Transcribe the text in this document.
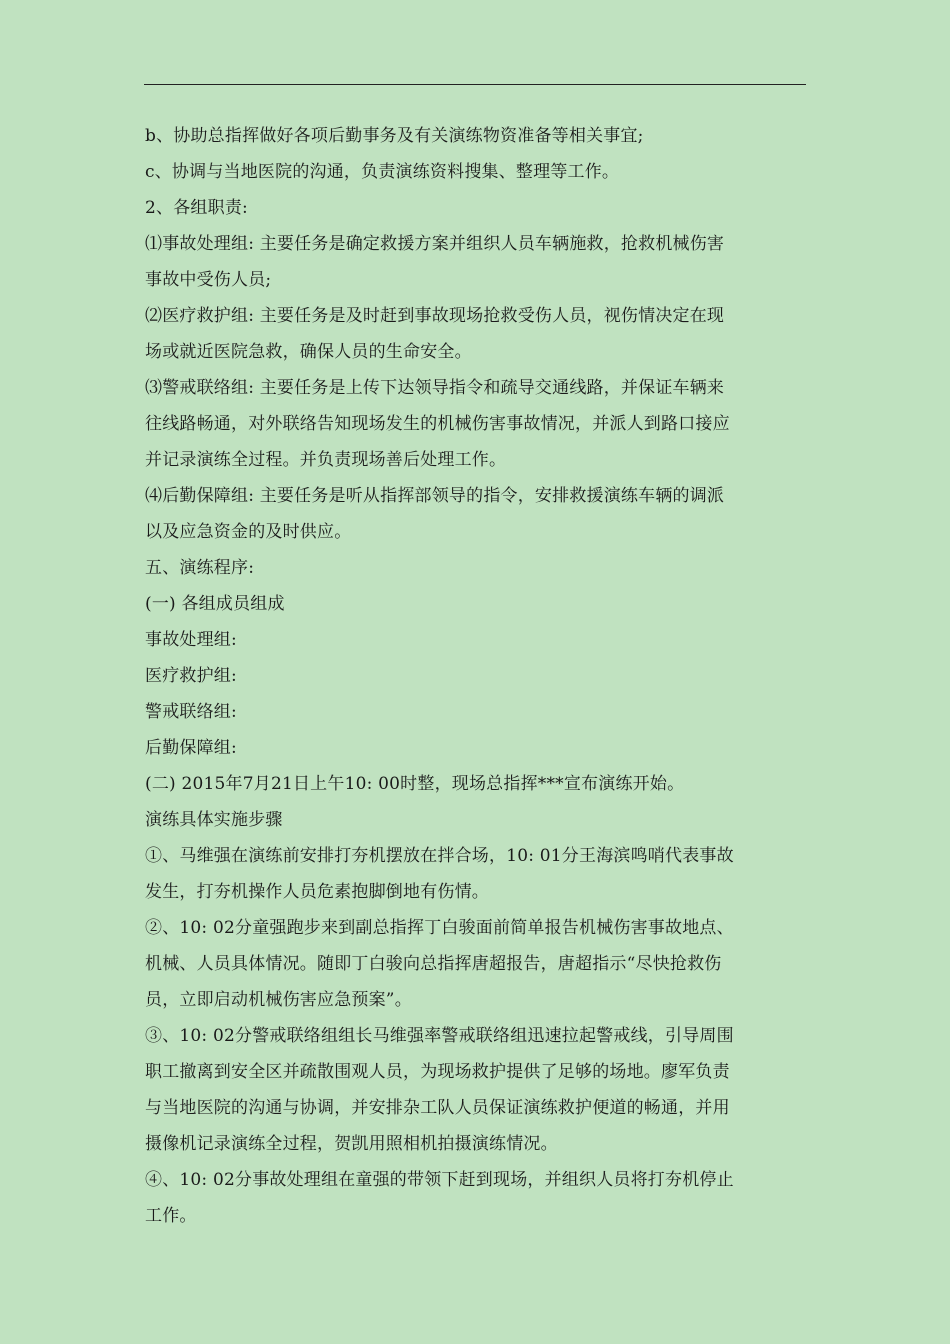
b、协助总指挥做好各项后勤事务及有关演练物资准备等相关事宜;
c、协调与当地医院的沟通，负责演练资料搜集、整理等工作。
2、各组职责:
⑴事故处理组: 主要任务是确定救援方案并组织人员车辆施救，抢救机械伤害
事故中受伤人员;
⑵医疗救护组: 主要任务是及时赶到事故现场抢救受伤人员，视伤情决定在现
场或就近医院急救，确保人员的生命安全。
⑶警戒联络组: 主要任务是上传下达领导指令和疏导交通线路，并保证车辆来
往线路畅通，对外联络告知现场发生的机械伤害事故情况，并派人到路口接应
并记录演练全过程。并负责现场善后处理工作。
⑷后勤保障组: 主要任务是听从指挥部领导的指令，安排救援演练车辆的调派
以及应急资金的及时供应。
五、演练程序:
(一) 各组成员组成
事故处理组:
医疗救护组:
警戒联络组:
后勤保障组:
(二) 2015年7月21日上午10: 00时整，现场总指挥***宣布演练开始。
演练具体实施步骤
①、马维强在演练前安排打夯机摆放在拌合场，10: 01分王海滨鸣哨代表事故
发生，打夯机操作人员危素抱脚倒地有伤情。
②、10: 02分童强跑步来到副总指挥丁白骏面前简单报告机械伤害事故地点、
机械、人员具体情况。随即丁白骏向总指挥唐超报告，唐超指示“尽快抢救伤
员，立即启动机械伤害应急预案”。
③、10: 02分警戒联络组组长马维强率警戒联络组迅速拉起警戒线，引导周围
职工撤离到安全区并疏散围观人员，为现场救护提供了足够的场地。廖军负责
与当地医院的沟通与协调，并安排杂工队人员保证演练救护便道的畅通，并用
摄像机记录演练全过程，贺凯用照相机拍摄演练情况。
④、10: 02分事故处理组在童强的带领下赶到现场，并组织人员将打夯机停止
工作。
